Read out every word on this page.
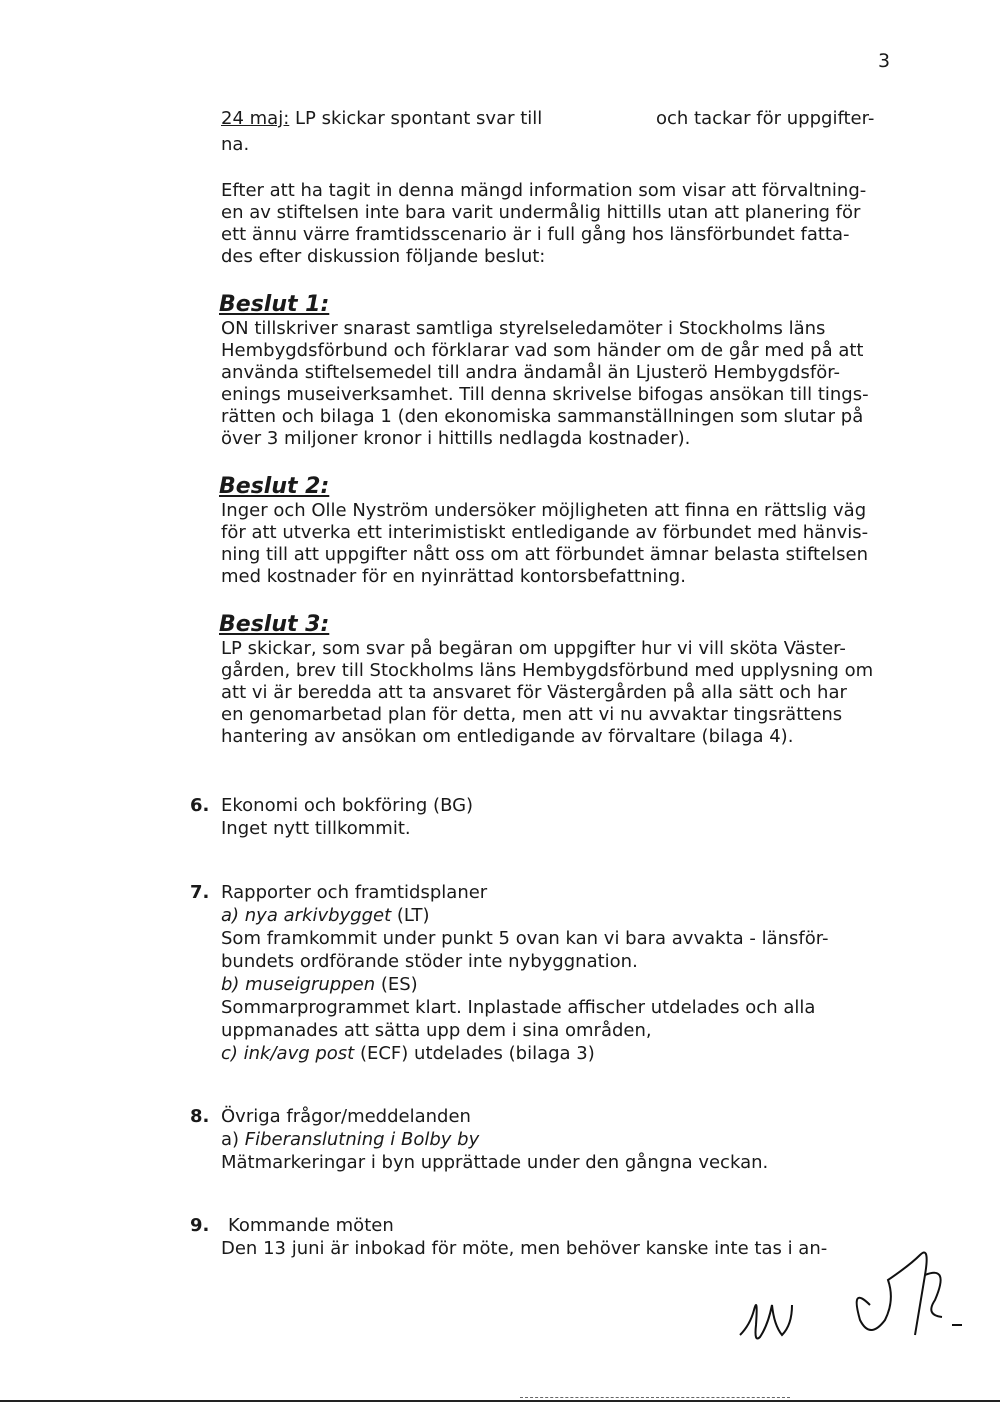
3
24 maj: LP skickar spontant svar till	och tackar för uppgifter-
na.
Efter att ha tagit in denna mängd information som visar att förvaltning-
en av stiftelsen inte bara varit undermålig hittills utan att planering för
ett ännu värre framtidsscenario är i full gång hos länsförbundet fatta-
des efter diskussion följande beslut:
Beslut 1:
ON tillskriver snarast samtliga styrelseledamöter i Stockholms läns
Hembygdsförbund och förklarar vad som händer om de går med på att
använda stiftelsemedel till andra ändamål än Ljusterö Hembygdsför-
enings museiverksamhet. Till denna skrivelse bifogas ansökan till tings-
rätten och bilaga 1 (den ekonomiska sammanställningen som slutar på
över 3 miljoner kronor i hittills nedlagda kostnader).
Beslut 2:
Inger och Olle Nyström undersöker möjligheten att finna en rättslig väg
för att utverka ett interimistiskt entledigande av förbundet med hänvis-
ning till att uppgifter nått oss om att förbundet ämnar belasta stiftelsen
med kostnader för en nyinrättad kontorsbefattning.
Beslut 3:
LP skickar, som svar på begäran om uppgifter hur vi vill sköta Väster-
gården, brev till Stockholms läns Hembygdsförbund med upplysning om
att vi är beredda att ta ansvaret för Västergården på alla sätt och har
en genomarbetad plan för detta, men att vi nu avvaktar tingsrättens
hantering av ansökan om entledigande av förvaltare (bilaga 4).
6. Ekonomi och bokföring (BG)
Inget nytt tillkommit.
7. Rapporter och framtidsplaner
a) nya arkivbygget (LT)
Som framkommit under punkt 5 ovan kan vi bara avvakta - länsför-
bundets ordförande stöder inte nybyggnation.
b) museigruppen (ES)
Sommarprogrammet klart. Inplastade affischer utdelades och alla
uppmanades att sätta upp dem i sina områden,
c) ink/avg post (ECF) utdelades (bilaga 3)
8. Övriga frågor/meddelanden
a) Fiberanslutning i Bolby by
Mätmarkeringar i byn upprättade under den gångna veckan.
9. Kommande möten
Den 13 juni är inbokad för möte, men behöver kanske inte tas i an-
